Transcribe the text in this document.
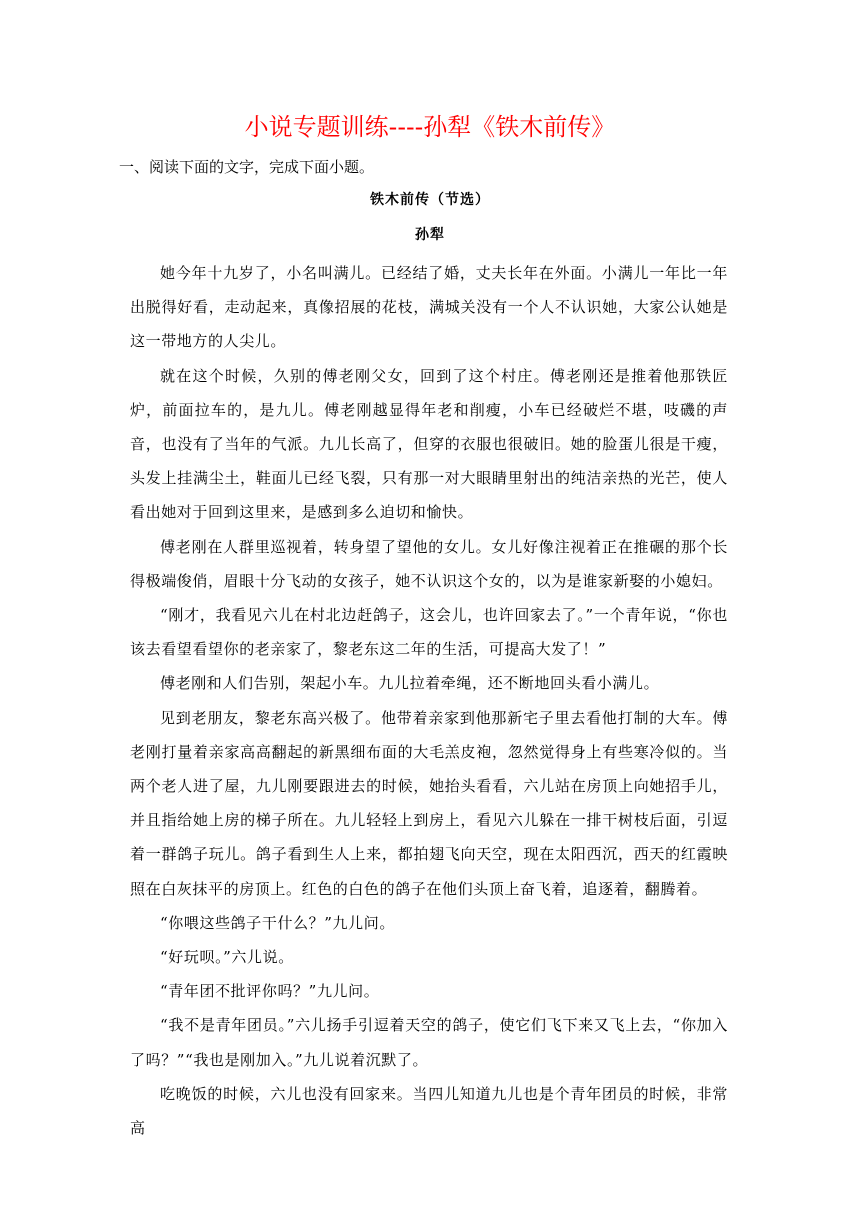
小说专题训练----孙犁《铁木前传》
一、阅读下面的文字，完成下面小题。
铁木前传（节选）
孙犁

她今年十九岁了，小名叫满儿。已经结了婚，丈夫长年在外面。小满儿一年比一年出脱得好看，走动起来，真像招展的花枝，满城关没有一个人不认识她，大家公认她是这一带地方的人尖儿。

就在这个时候，久别的傅老刚父女，回到了这个村庄。傅老刚还是推着他那铁匠炉，前面拉车的，是九儿。傅老刚越显得年老和削瘦，小车已经破烂不堪，吱磯的声音，也没有了当年的气派。九儿长高了，但穿的衣服也很破旧。她的脸蛋儿很是干瘦，头发上挂满尘土，鞋面儿已经飞裂，只有那一对大眼睛里射出的纯洁亲热的光芒，使人看出她对于回到这里来，是感到多么迫切和愉快。

傅老刚在人群里巡视着，转身望了望他的女儿。女儿好像注视着正在推碾的那个长得极端俊俏，眉眼十分飞动的女孩子，她不认识这个女的，以为是谁家新娶的小媳妇。

“刚才，我看见六儿在村北边赶鸽子，这会儿，也许回家去了。”一个青年说，“你也该去看望看望你的老亲家了，黎老东这二年的生活，可提高大发了！”

傅老刚和人们告别，架起小车。九儿拉着牵绳，还不断地回头看小满儿。

见到老朋友，黎老东高兴极了。他带着亲家到他那新宅子里去看他打制的大车。傅老刚打量着亲家高高翻起的新黑细布面的大毛羔皮袍，忽然觉得身上有些寒冷似的。当两个老人进了屋，九儿刚要跟进去的时候，她抬头看看，六儿站在房顶上向她招手儿，并且指给她上房的梯子所在。九儿轻轻上到房上，看见六儿躲在一排干树枝后面，引逗着一群鸽子玩儿。鸽子看到生人上来，都拍翅飞向天空，现在太阳西沉，西天的红霞映照在白灰抹平的房顶上。红色的白色的鸽子在他们头顶上奋飞着，追逐着，翻腾着。

“你喂这些鸽子干什么？”九儿问。

“好玩呗。”六儿说。

“青年团不批评你吗？”九儿问。

“我不是青年团员。”六儿扬手引逗着天空的鸽子，使它们飞下来又飞上去，“你加入了吗？”“我也是刚加入。”九儿说着沉默了。

吃晚饭的时候，六儿也没有回家来。当四儿知道九儿也是个青年团员的时候，非常高
